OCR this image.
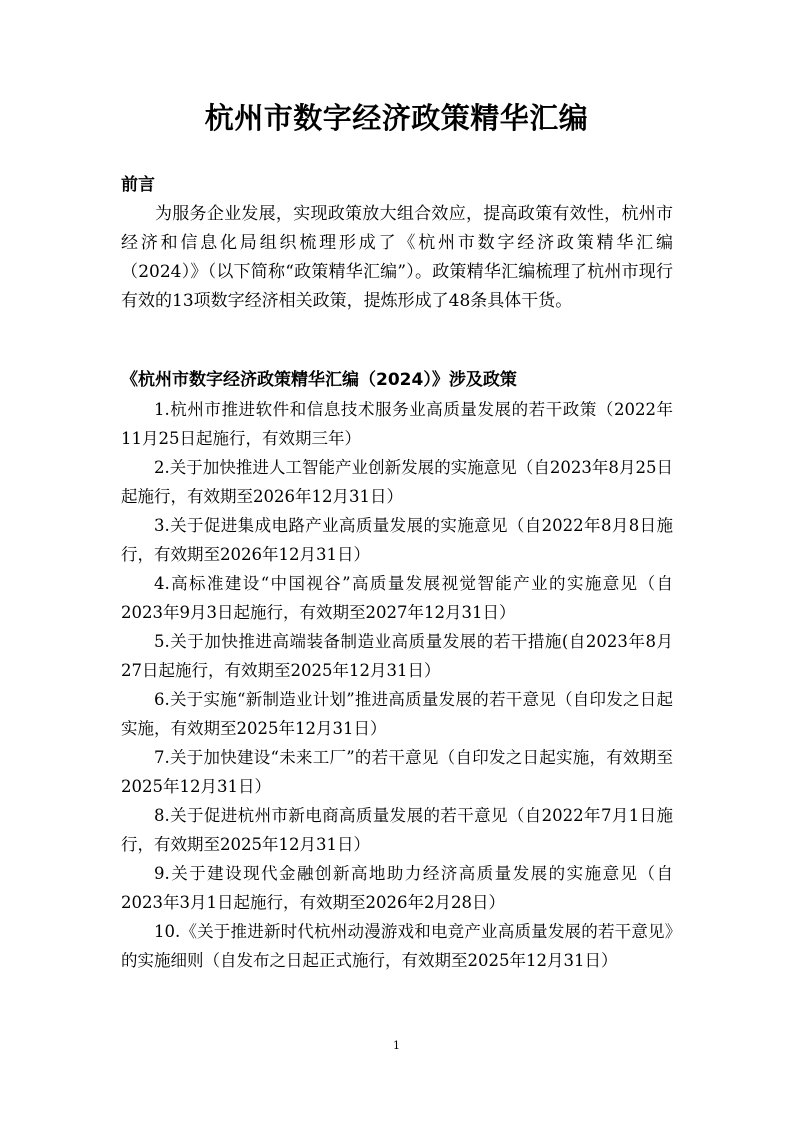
杭州市数字经济政策精华汇编

前言

为服务企业发展，实现政策放大组合效应，提高政策有效性，杭州市经济和信息化局组织梳理形成了《杭州市数字经济政策精华汇编（2024）》（以下简称“政策精华汇编”）。政策精华汇编梳理了杭州市现行有效的13项数字经济相关政策，提炼形成了48条具体干货。

《杭州市数字经济政策精华汇编（2024）》涉及政策

1.杭州市推进软件和信息技术服务业高质量发展的若干政策（2022年11月25日起施行，有效期三年）
2.关于加快推进人工智能产业创新发展的实施意见（自2023年8月25日起施行，有效期至2026年12月31日）
3.关于促进集成电路产业高质量发展的实施意见（自2022年8月8日施行，有效期至2026年12月31日）
4.高标准建设“中国视谷”高质量发展视觉智能产业的实施意见（自2023年9月3日起施行，有效期至2027年12月31日）
5.关于加快推进高端装备制造业高质量发展的若干措施(自2023年8月27日起施行，有效期至2025年12月31日）
6.关于实施“新制造业计划”推进高质量发展的若干意见（自印发之日起实施，有效期至2025年12月31日）
7.关于加快建设“未来工厂”的若干意见（自印发之日起实施，有效期至2025年12月31日）
8.关于促进杭州市新电商高质量发展的若干意见（自2022年7月1日施行，有效期至2025年12月31日）
9.关于建设现代金融创新高地助力经济高质量发展的实施意见（自2023年3月1日起施行，有效期至2026年2月28日）
10.《关于推进新时代杭州动漫游戏和电竞产业高质量发展的若干意见》的实施细则（自发布之日起正式施行，有效期至2025年12月31日）
1
